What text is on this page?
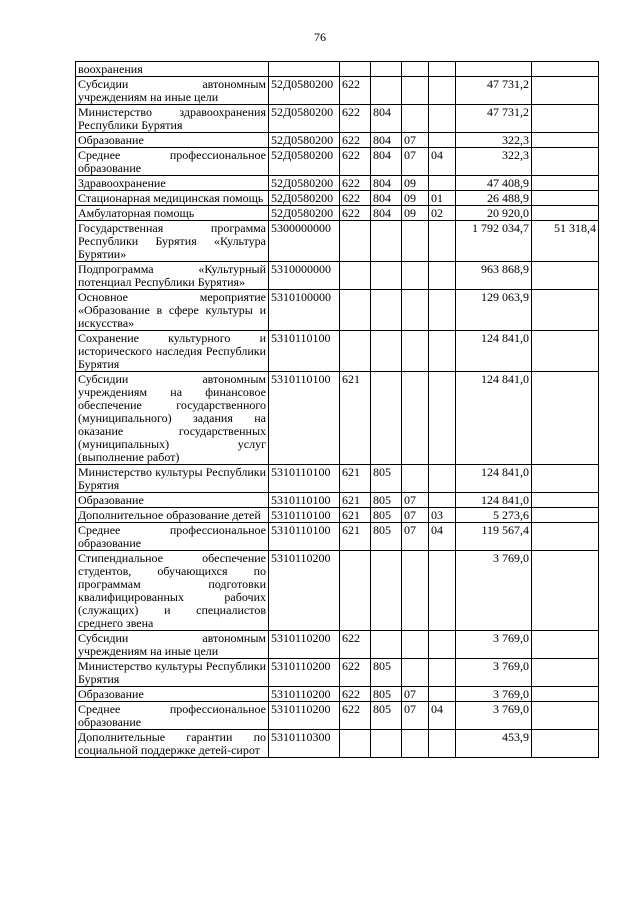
76
воохранения							
Субсидии автономным учреждениям на иные цели	52Д0580200	622				47 731,2	
Министерство здравоохранения Республики Бурятия	52Д0580200	622	804			47 731,2	
Образование	52Д0580200	622	804	07		322,3	
Среднее профессиональное образование	52Д0580200	622	804	07	04	322,3	
Здравоохранение	52Д0580200	622	804	09		47 408,9	
Стационарная медицинская помощь	52Д0580200	622	804	09	01	26 488,9	
Амбулаторная помощь	52Д0580200	622	804	09	02	20 920,0	
Государственная программа Республики Бурятия «Культура Бурятии»	5300000000					1 792 034,7	51 318,4
Подпрограмма «Культурный потенциал Республики Бурятия»	5310000000					963 868,9	
Основное мероприятие «Образование в сфере культуры и искусства»	5310100000					129 063,9	
Сохранение культурного и исторического наследия Республики Бурятия	5310110100					124 841,0	
Субсидии автономным учреждениям на финансовое обеспечение государственного (муниципального) задания на оказание государственных (муниципальных) услуг (выполнение работ)	5310110100	621				124 841,0	
Министерство культуры Республики Бурятия	5310110100	621	805			124 841,0	
Образование	5310110100	621	805	07		124 841,0	
Дополнительное образование детей	5310110100	621	805	07	03	5 273,6	
Среднее профессиональное образование	5310110100	621	805	07	04	119 567,4	
Стипендиальное обеспечение студентов, обучающихся по программам подготовки квалифицированных рабочих (служащих) и специалистов среднего звена	5310110200					3 769,0	
Субсидии автономным учреждениям на иные цели	5310110200	622				3 769,0	
Министерство культуры Республики Бурятия	5310110200	622	805			3 769,0	
Образование	5310110200	622	805	07		3 769,0	
Среднее профессиональное образование	5310110200	622	805	07	04	3 769,0	
Дополнительные гарантии по социальной поддержке детей-сирот	5310110300					453,9	
